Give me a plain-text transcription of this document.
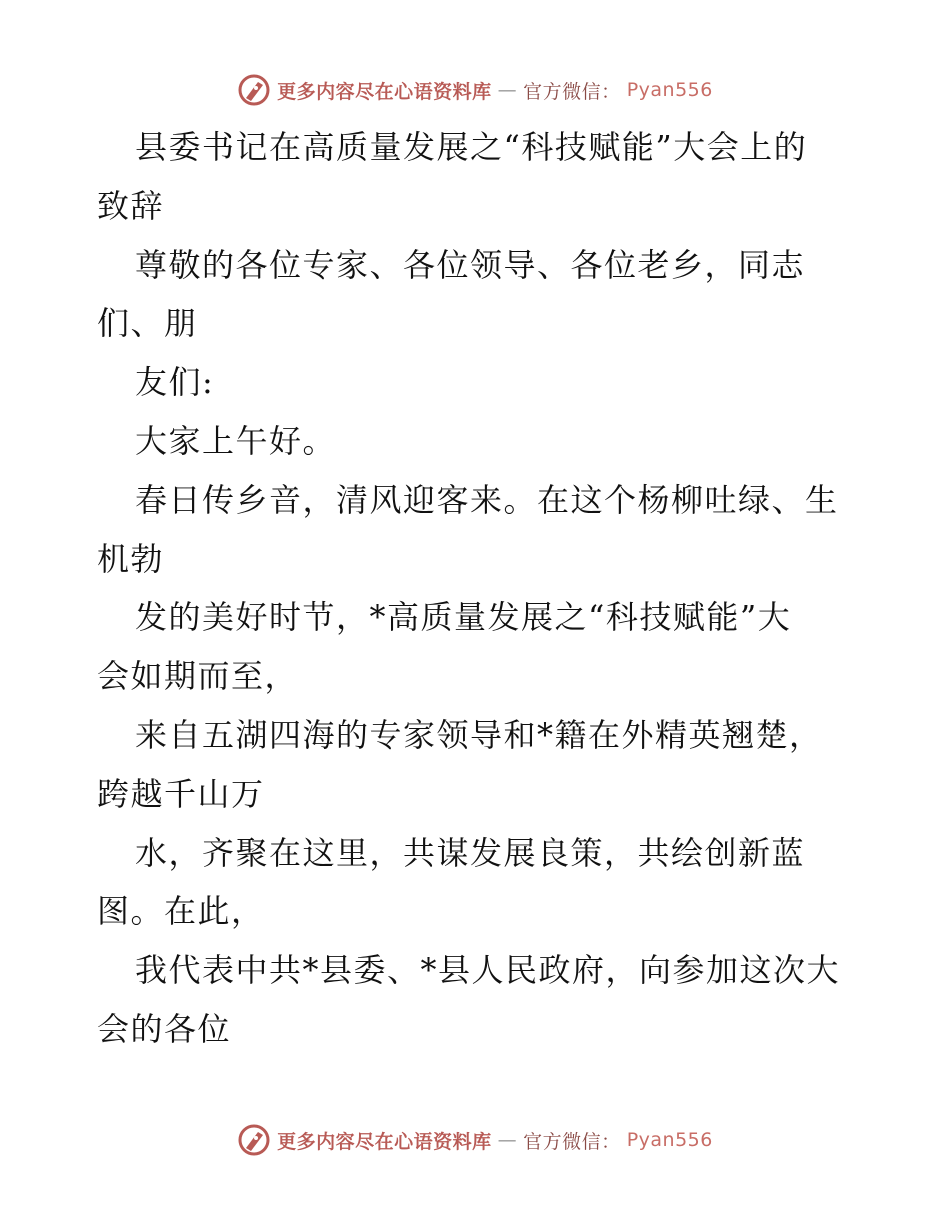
更多内容尽在心语资料库 — 官方微信： Pyan556
县委书记在高质量发展之“科技赋能”大会上的
致辞
尊敬的各位专家、各位领导、各位老乡，同志
们、朋
友们:
大家上午好。
春日传乡音，清风迎客来。在这个杨柳吐绿、生
机勃
发的美好时节，*高质量发展之“科技赋能”大
会如期而至，
来自五湖四海的专家领导和*籍在外精英翘楚，
跨越千山万
水，齐聚在这里，共谋发展良策，共绘创新蓝
图。在此，
我代表中共*县委、*县人民政府，向参加这次大
会的各位
更多内容尽在心语资料库 — 官方微信： Pyan556
